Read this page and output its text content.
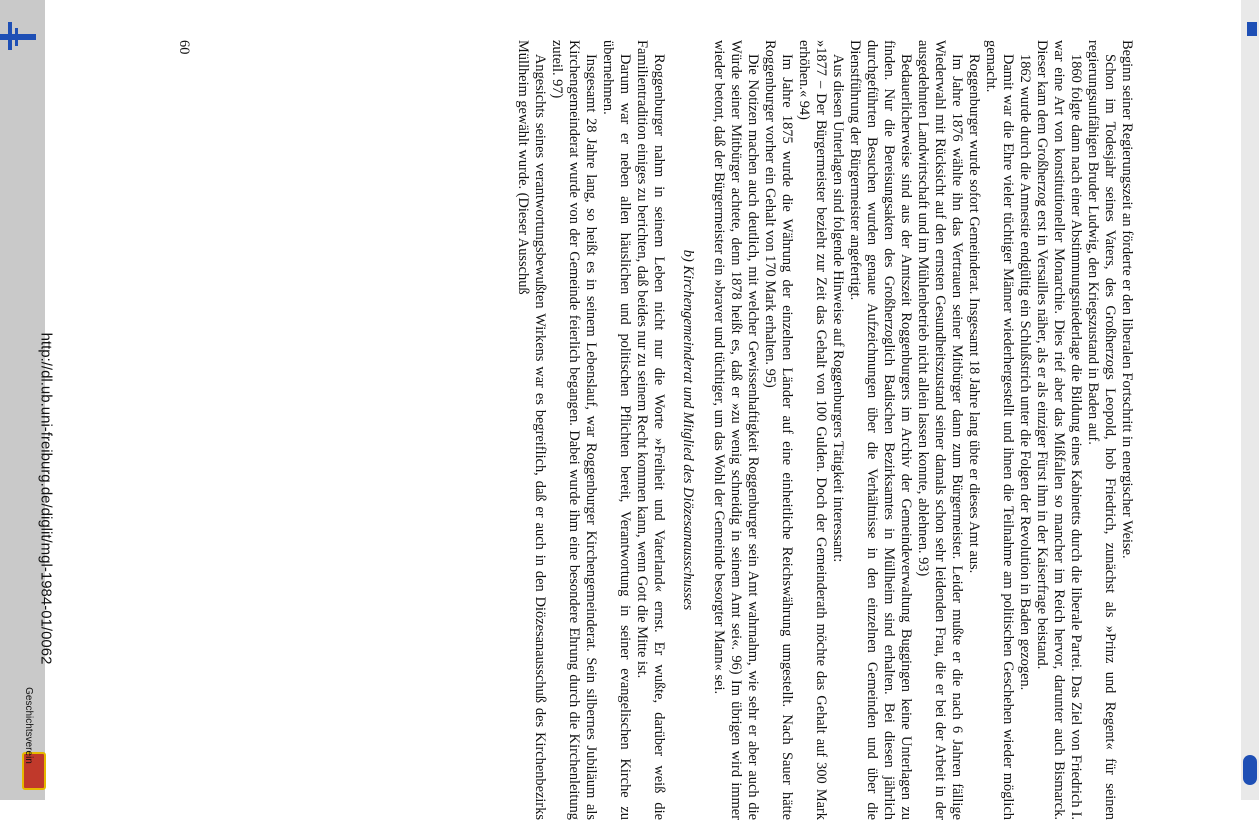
http://dl.ub.uni-freiburg.de/diglit/mgl-1984-01/0062	Beginn seiner Regierungszeit an förderte er den liberalen Fortschritt in energischer Weise.

Schon im Todesjahr seines Vaters, des Großherzogs Leopold, hob Friedrich, zunächst als »Prinz und Regent« für seinen regierungsunfähigen Bruder Ludwig, den Kriegszustand in Baden auf.

1860 folgte dann nach einer Abstimmungsniederlage die Bildung eines Kabinetts durch die liberale Partei. Das Ziel von Friedrich I. war eine Art von konstitutioneller Monarchie. Dies rief aber das Mißfallen so mancher im Reich hervor, darunter auch Bismarck. Dieser kam dem Großherzog erst in Versailles näher, als er als einziger Fürst ihm in der Kaiserfrage beistand.

1862 wurde durch die Amnestie endgültig ein Schlußstrich unter die Folgen der Revolution in Baden gezogen.

Damit war die Ehre vieler tüchtiger Männer wiederhergestellt und ihnen die Teilnahme am politischen Geschehen wieder möglich gemacht.

Roggenburger wurde sofort Gemeinderat. Insgesamt 18 Jahre lang übte er dieses Amt aus.

Im Jahre 1876 wählte ihn das Vertrauen seiner Mitbürger dann zum Bürgermeister. Leider mußte er die nach 6 Jahren fällige Wiederwahl mit Rücksicht auf den ernsten Gesundheitszustand seiner damals schon sehr leidenden Frau, die er bei der Arbeit in der ausgedehnten Landwirtschaft und im Mühlenbetrieb nicht allein lassen konnte, ablehnen. 93)

Bedauerlicherweise sind aus der Amtszeit Roggenburgers im Archiv der Gemeindeverwaltung Buggingen keine Unterlagen zu finden. Nur die Bereisungsakten des Großherzoglich Badischen Bezirksamtes in Müllheim sind erhalten. Bei diesen jährlich durchgeführten Besuchen wurden genaue Aufzeichnungen über die Verhältnisse in den einzelnen Gemeinden und über die Dienstführung der Bürgermeister angefertigt.

Aus diesen Unterlagen sind folgende Hinweise auf Roggenburgers Tätigkeit interessant:

»1877 – Der Bürgermeister bezieht zur Zeit das Gehalt von 100 Gulden. Doch der Gemeinderath möchte das Gehalt auf 300 Mark erhöhen.« 94)

Im Jahre 1875 wurde die Währung der einzelnen Länder auf eine einheitliche Reichswährung umgestellt. Nach Sauer hätte Roggenburger vorher ein Gehalt von 170 Mark erhalten. 95)

Die Notizen machen auch deutlich, mit welcher Gewissenhaftigkeit Roggenburger sein Amt wahrnahm, wie sehr er aber auch die Würde seiner Mitbürger achtete, denn 1878 heißt es, daß er »zu wenig schneidig in seinem Amt sei«. 96) Im übrigen wird immer wieder betont, daß der Bürgermeister ein »braver und tüchtiger, um das Wohl der Gemeinde besorgter Mann« sei.

b) Kirchengemeinderat und Mitglied des Diözesanausschusses

Roggenburger nahm in seinem Leben nicht nur die Worte »Freiheit und Vaterland« ernst. Er wußte, darüber weiß die Familientradition einiges zu berichten, daß beides nur zu seinem Recht kommen kann, wenn Gott die Mitte ist.

Darum war er neben allen häuslichen und politischen Pflichten bereit, Verantwortung in seiner evangelischen Kirche zu übernehmen.

Insgesamt 28 Jahre lang, so heißt es in seinem Lebenslauf, war Roggenburger Kirchengemeinderat. Sein silbernes Jubiläum als Kirchengemeinderat wurde von der Gemeinde feierlich begangen. Dabei wurde ihm eine besondere Ehrung durch die Kirchenleitung zuteil. 97)

Angesichts seines verantwortungsbewußten Wirkens war es begreiflich, daß er auch in den Diözesanausschuß des Kirchenbezirks Müllheim gewählt wurde. (Dieser Ausschuß

60
Geschichtsverein
